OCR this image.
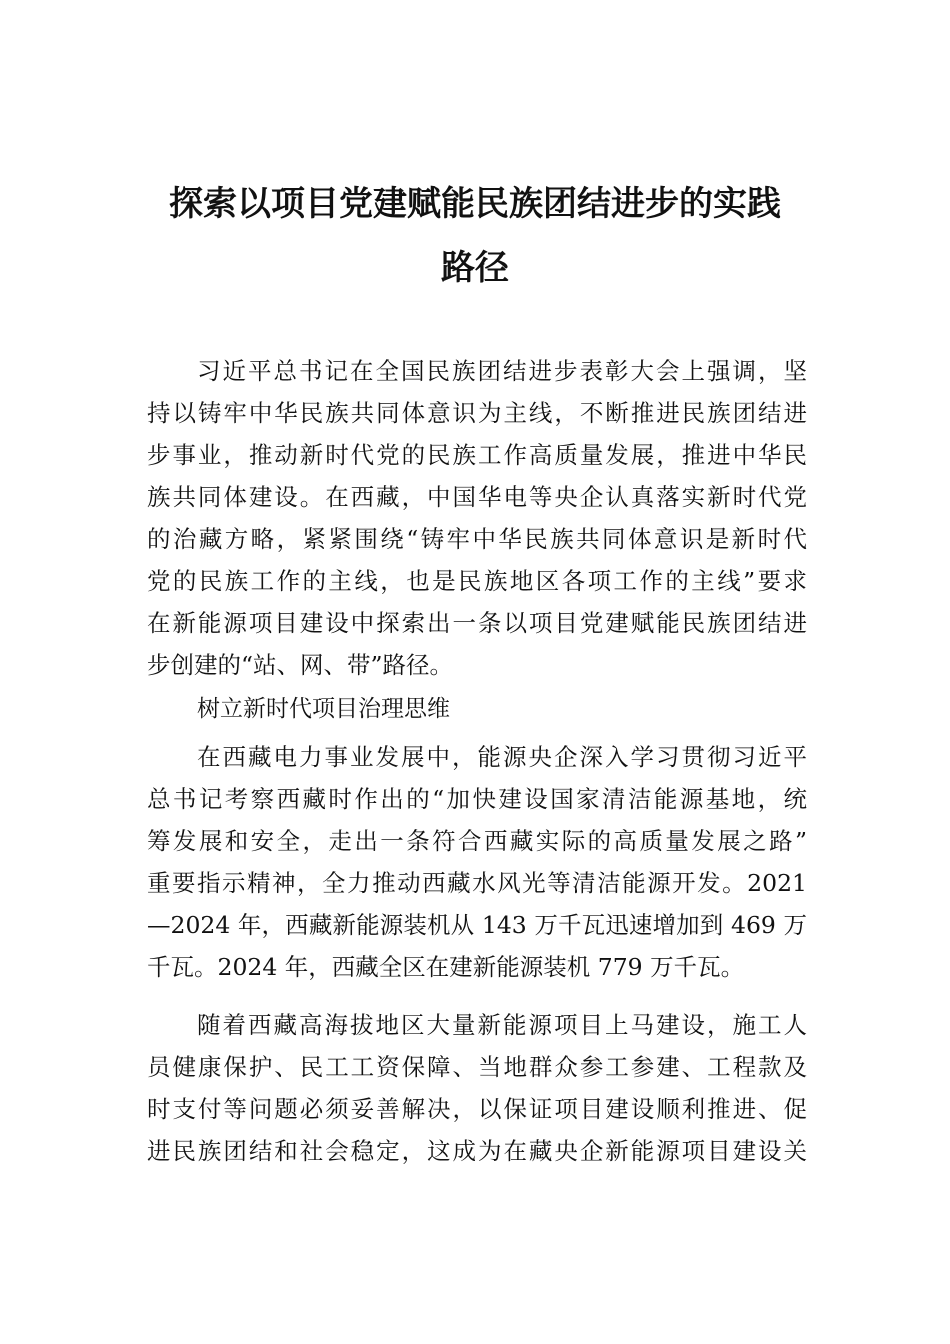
探索以项目党建赋能民族团结进步的实践
路径
习近平总书记在全国民族团结进步表彰大会上强调，坚
持以铸牢中华民族共同体意识为主线，不断推进民族团结进
步事业，推动新时代党的民族工作高质量发展，推进中华民
族共同体建设。在西藏，中国华电等央企认真落实新时代党
的治藏方略，紧紧围绕“铸牢中华民族共同体意识是新时代
党的民族工作的主线，也是民族地区各项工作的主线”要求
在新能源项目建设中探索出一条以项目党建赋能民族团结进
步创建的“站、网、带”路径。
树立新时代项目治理思维
在西藏电力事业发展中，能源央企深入学习贯彻习近平
总书记考察西藏时作出的“加快建设国家清洁能源基地，统
筹发展和安全，走出一条符合西藏实际的高质量发展之路”
重要指示精神，全力推动西藏水风光等清洁能源开发。2021
—2024 年，西藏新能源装机从 143 万千瓦迅速增加到 469 万
千瓦。2024 年，西藏全区在建新能源装机 779 万千瓦。
随着西藏高海拔地区大量新能源项目上马建设，施工人
员健康保护、民工工资保障、当地群众参工参建、工程款及
时支付等问题必须妥善解决，以保证项目建设顺利推进、促
进民族团结和社会稳定，这成为在藏央企新能源项目建设关
